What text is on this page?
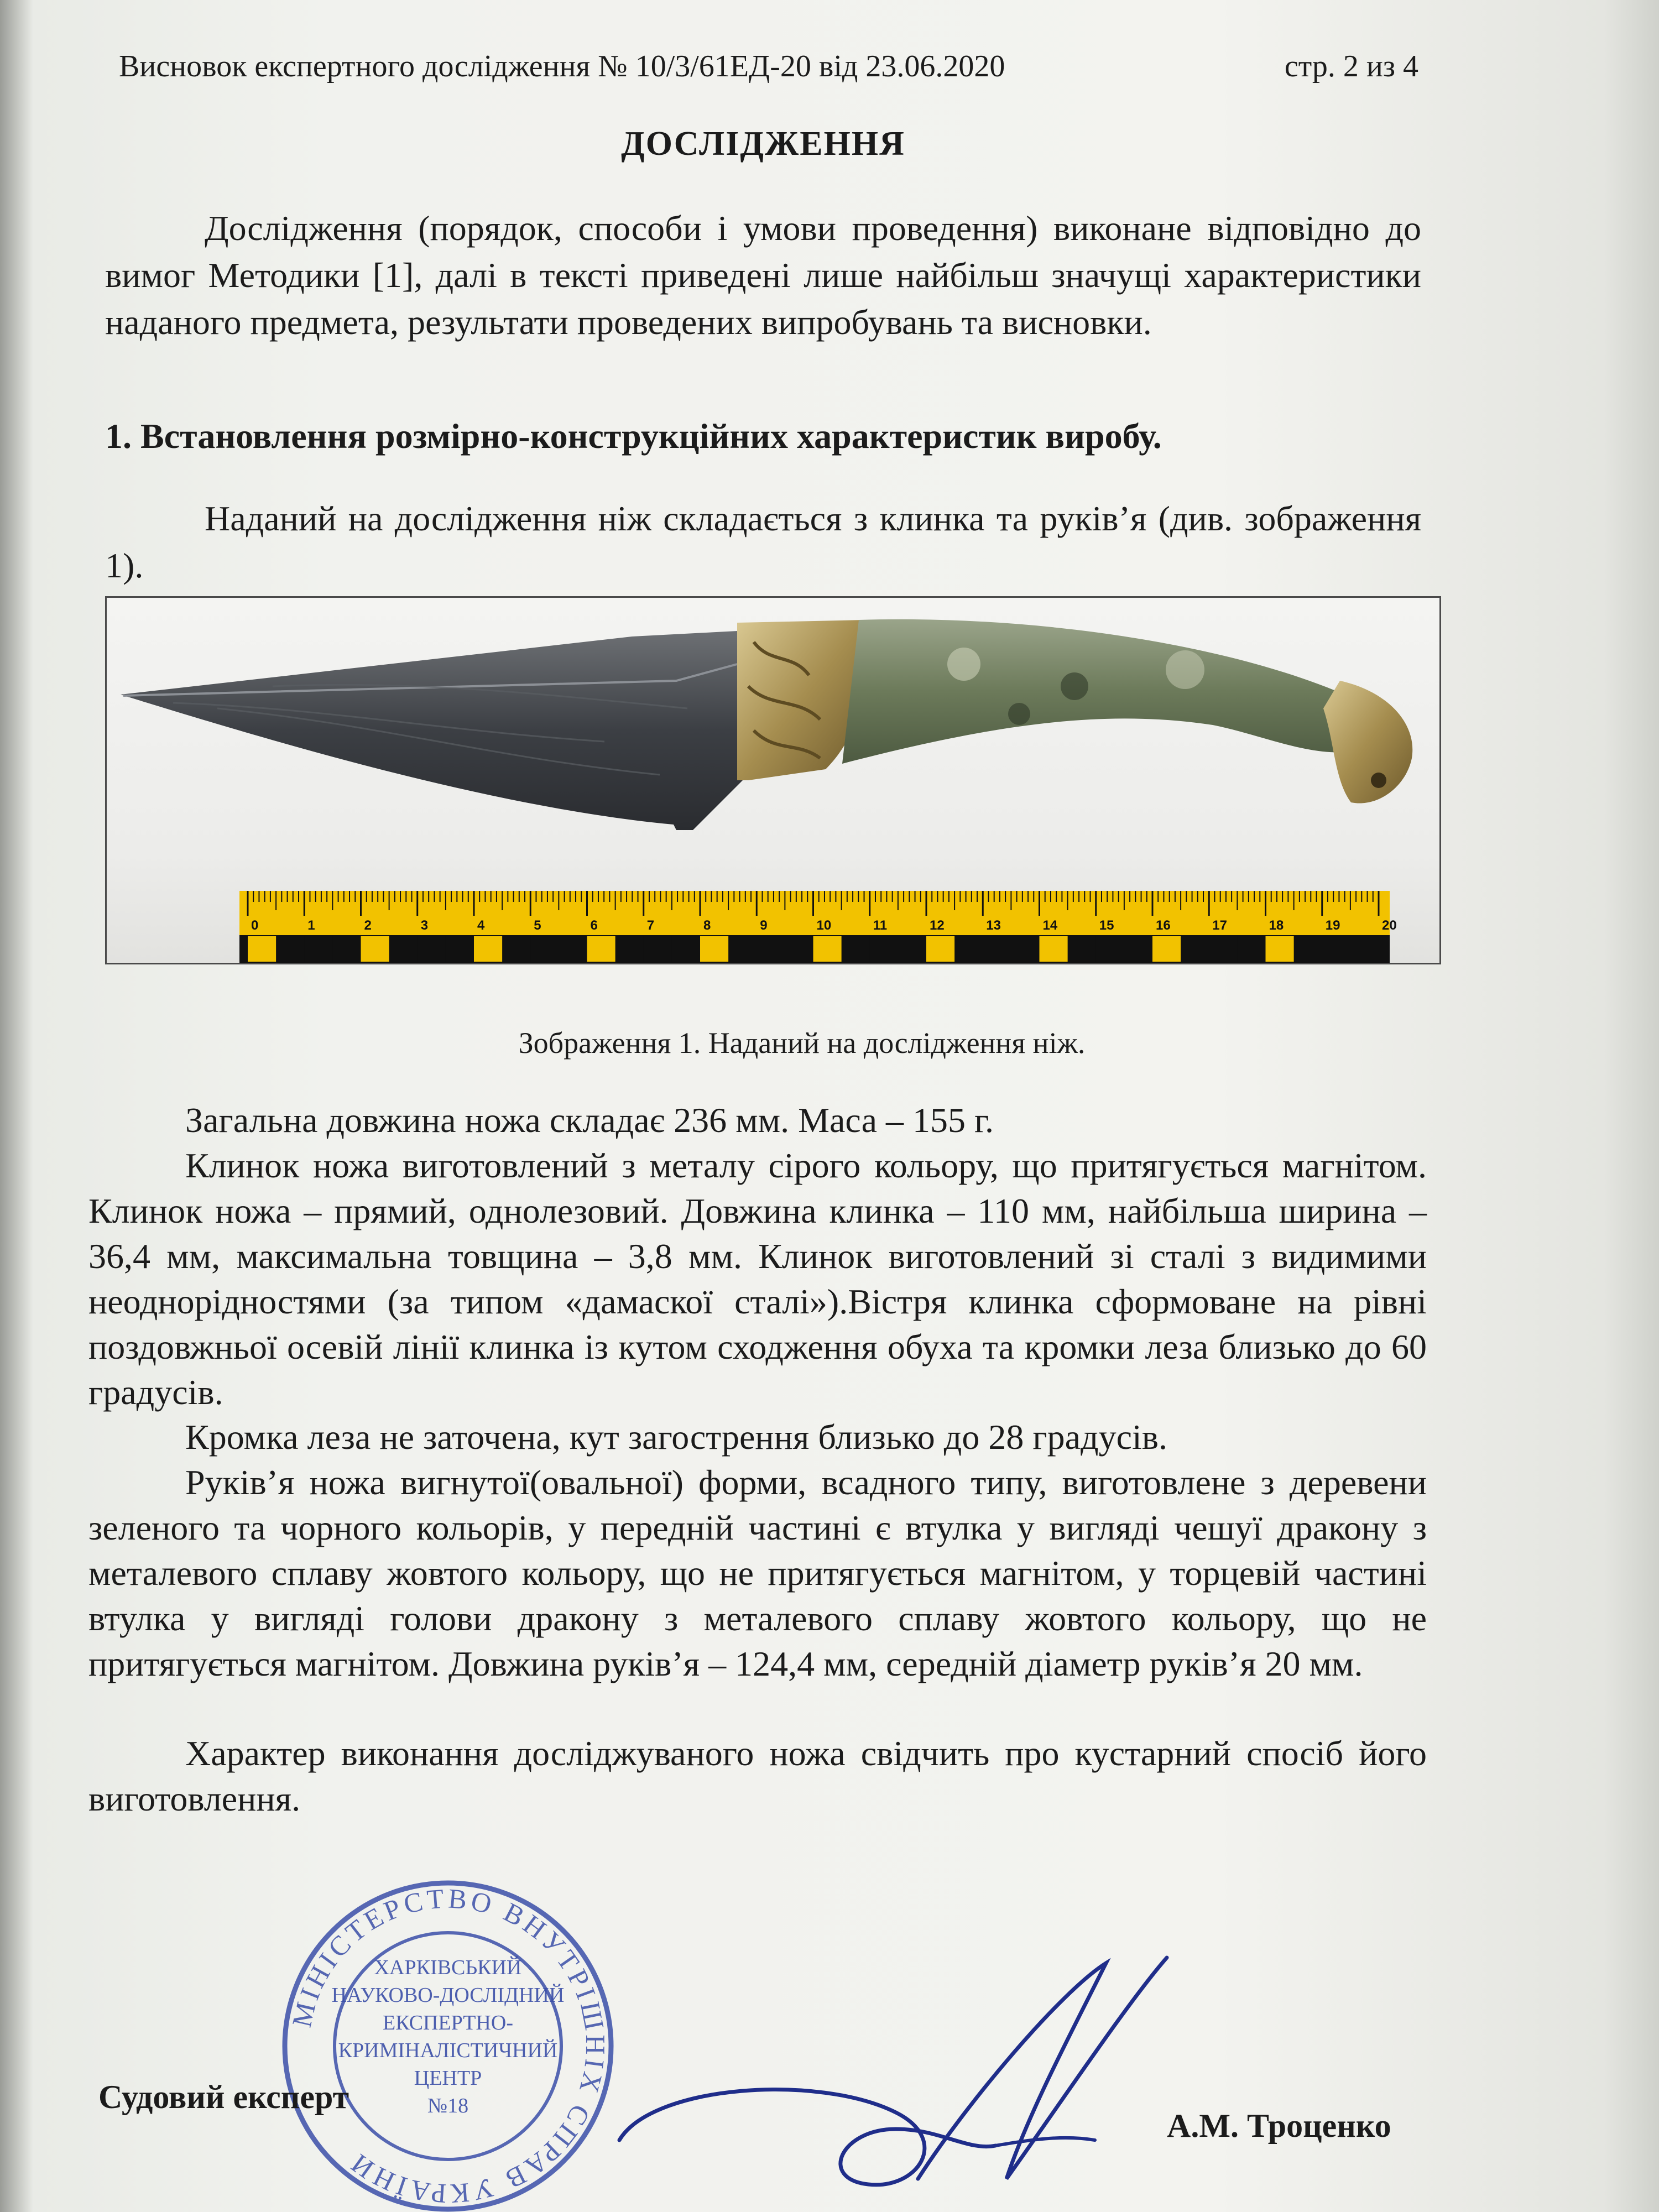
Висновок експертного дослідження № 10/3/61ЕД-20 від 23.06.2020	стр. 2 из 4
ДОСЛІДЖЕННЯ

Дослідження (порядок, способи і умови проведення) виконане відповідно до вимог Методики [1], далі в тексті приведені лише найбільш значущі характеристики наданого предмета, результати проведених випробувань та висновки.

1. Встановлення розмірно-конструкційних характеристик виробу.

Наданий на дослідження ніж складається з клинка та руків’я (див. зображення 1).

0	1	2	3	4	5	6	7	8	9	10	11	12	13	14	15	16	17	18	19	20
Зображення 1. Наданий на дослідження ніж.

Загальна довжина ножа складає 236 мм. Маса – 155 г.

Клинок ножа виготовлений з металу сірого кольору, що притягується магнітом. Клинок ножа – прямий, однолезовий. Довжина клинка – 110 мм, найбільша ширина – 36,4 мм, максимальна товщина – 3,8 мм. Клинок виготовлений зі сталі з видимими неоднорідностями (за типом «дамаскої сталі»).Вістря клинка сформоване на рівні поздовжньої осевій лінії клинка із кутом сходження обуха та кромки леза близько до 60 градусів.

Кромка леза не заточена, кут загострення близько до 28 градусів.

Руків’я ножа вигнутої(овальної) форми, всадного типу, виготовлене з деревени зеленого та чорного кольорів, у передній частині є втулка у вигляді чешуї дракону з металевого сплаву жовтого кольору, що не притягується магнітом, у торцевій частині втулка у вигляді голови дракону з металевого сплаву жовтого кольору, що не притягується магнітом. Довжина руків’я – 124,4 мм, середній діаметр руків’я 20 мм.

Характер виконання досліджуваного ножа свідчить про кустарний спосіб його виготовлення.

МІНІСТЕРСТВО ВНУТРІШНІХ СПРАВ УКРАЇНИ
ХАРКІВСЬКИЙ
НАУКОВО-ДОСЛІДНИЙ
ЕКСПЕРТНО-
КРИМІНАЛІСТИЧНИЙ
ЦЕНТР
№18
Судовий експерт
А.М. Троценко
